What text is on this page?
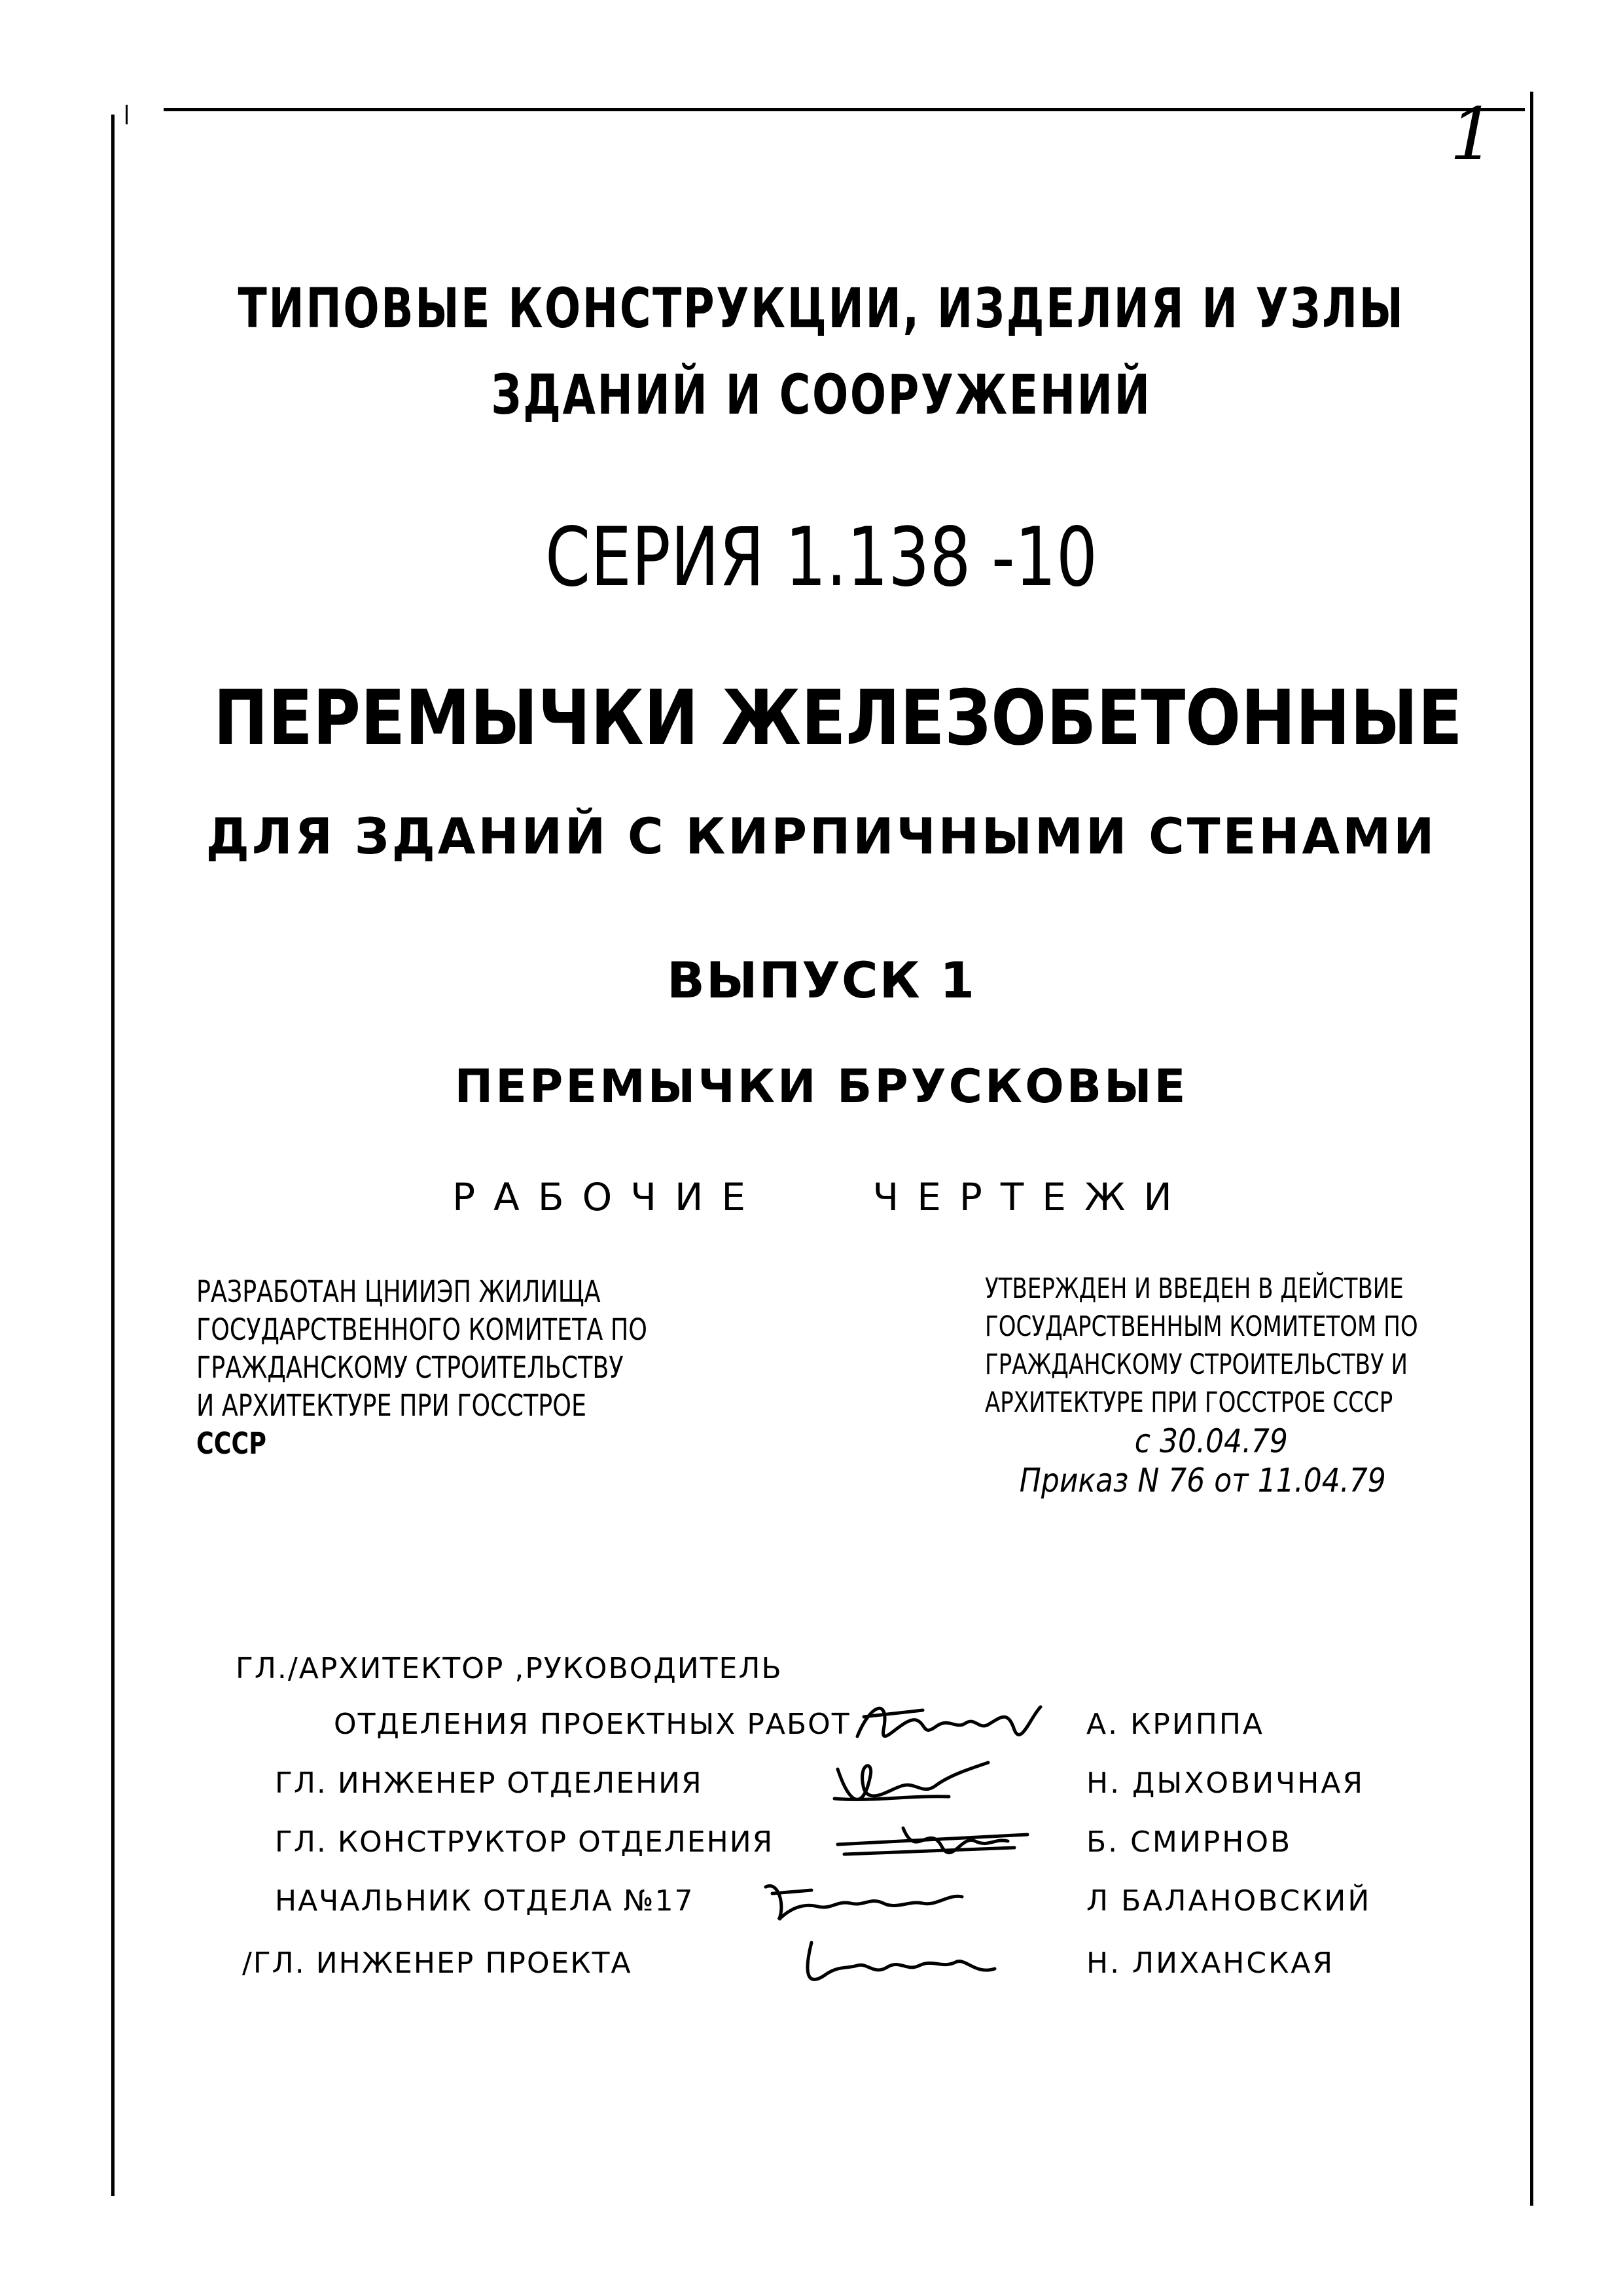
1
ТИПОВЫЕ КОНСТРУКЦИИ, ИЗДЕЛИЯ И УЗЛЫ
ЗДАНИЙ И СООРУЖЕНИЙ
СЕРИЯ 1.138 -10
ПЕРЕМЫЧКИ ЖЕЛЕЗОБЕТОННЫЕ
ДЛЯ ЗДАНИЙ С КИРПИЧНЫМИ СТЕНАМИ
ВЫПУСК 1
ПЕРЕМЫЧКИ БРУСКОВЫЕ
РАБОЧИЕ ЧЕРТЕЖИ
РАЗРАБОТАН ЦНИИЭП ЖИЛИЩА
ГОСУДАРСТВЕННОГО КОМИТЕТА ПО
ГРАЖДАНСКОМУ СТРОИТЕЛЬСТВУ
И АРХИТЕКТУРЕ ПРИ ГОССТРОЕ
СССР
УТВЕРЖДЕН И ВВЕДЕН В ДЕЙСТВИЕ
ГОСУДАРСТВЕННЫМ КОМИТЕТОМ ПО
ГРАЖДАНСКОМУ СТРОИТЕЛЬСТВУ И
АРХИТЕКТУРЕ ПРИ ГОССТРОЕ СССР
с 30.04.79
Приказ N 76 от 11.04.79
ГЛ./АРХИТЕКТОР ,РУКОВОДИТЕЛЬ
ОТДЕЛЕНИЯ ПРОЕКТНЫХ РАБОТ	А. КРИППА
ГЛ. ИНЖЕНЕР ОТДЕЛЕНИЯ	Н. ДЫХОВИЧНАЯ
ГЛ. КОНСТРУКТОР ОТДЕЛЕНИЯ	Б. СМИРНОВ
НАЧАЛЬНИК ОТДЕЛА №17	Л БАЛАНОВСКИЙ
/ГЛ. ИНЖЕНЕР ПРОЕКТА	Н. ЛИХАНСКАЯ
